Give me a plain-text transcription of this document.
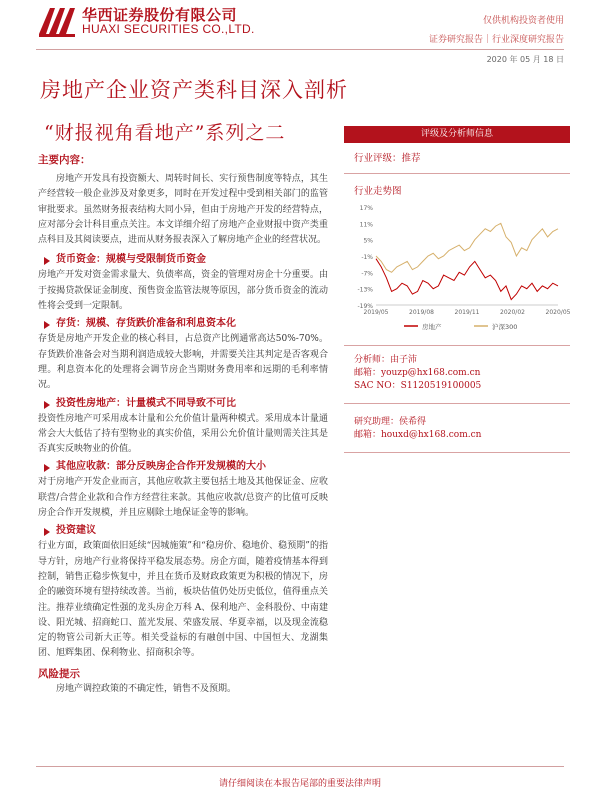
华西证券股份有限公司
HUAXI SECURITIES CO.,LTD.
仅供机构投资者使用
证券研究报告｜行业深度研究报告
2020 年 05 月 18 日
房地产企业资产类科目深入剖析
“财报视角看地产”系列之二
主要内容：
房地产开发具有投资额大、周转时间长、实行预售制度等特点，其生产经营较一般企业涉及对象更多，同时在开发过程中受到相关部门的监管审批要求。虽然财务报表结构大同小异，但由于房地产开发的经营特点，应对部分会计科目重点关注。本文详细介绍了房地产企业财报中资产类重点科目及其阅读要点，进而从财务报表深入了解房地产企业的经营状况。
货币资金：规模与受限制货币资金
房地产开发对资金需求量大、负债率高，资金的管理对房企十分重要。由于按揭贷款保证金制度、预售资金监管法规等原因，部分货币资金的流动性将会受到一定限制。
存货：规模、存货跌价准备和利息资本化
存货是房地产开发企业的核心科目，占总资产比例通常高达50%-70%。存货跌价准备会对当期利润造成较大影响，并需要关注其判定是否客观合理。利息资本化的处理将会调节房企当期财务费用率和远期的毛利率情况。
投资性房地产：计量模式不同导致不可比
投资性房地产可采用成本计量和公允价值计量两种模式。采用成本计量通常会大大低估了持有型物业的真实价值，采用公允价值计量则需关注其是否真实反映物业的价值。
其他应收款：部分反映房企合作开发规模的大小
对于房地产开发企业而言，其他应收款主要包括土地及其他保证金、应收联营/合营企业款和合作方经营往来款。其他应收款/总资产的比值可反映房企合作开发规模，并且应剔除土地保证金等的影响。
投资建议
行业方面，政策面依旧延续“因城施策”和“稳房价、稳地价、稳预期”的指导方针，房地产行业将保持平稳发展态势。房企方面，随着疫情基本得到控制，销售正稳步恢复中，并且在货币及财政政策更为积极的情况下，房企的融资环境有望持续改善。当前，板块估值仍处历史低位，值得重点关注。推荐业绩确定性强的龙头房企万科 A、保利地产、金科股份、中南建设、阳光城、招商蛇口、蓝光发展、荣盛发展、华夏幸福，以及现金流稳定的物管公司新大正等。相关受益标的有融创中国、中国恒大、龙湖集团、旭辉集团、保利物业、招商积余等。
风险提示
房地产调控政策的不确定性，销售不及预期。
评级及分析师信息
行业评级：推荐
行业走势图
17%
11%
5%
-1%
-7%
-13%
-19%
2019/05	2019/08	2019/11	2020/02	2020/05
房地产	沪深300
分析师：由子沛
邮箱：youzp@hx168.com.cn
SAC NO：S1120519100005
研究助理：侯希得
邮箱：houxd@hx168.com.cn
请仔细阅读在本报告尾部的重要法律声明
